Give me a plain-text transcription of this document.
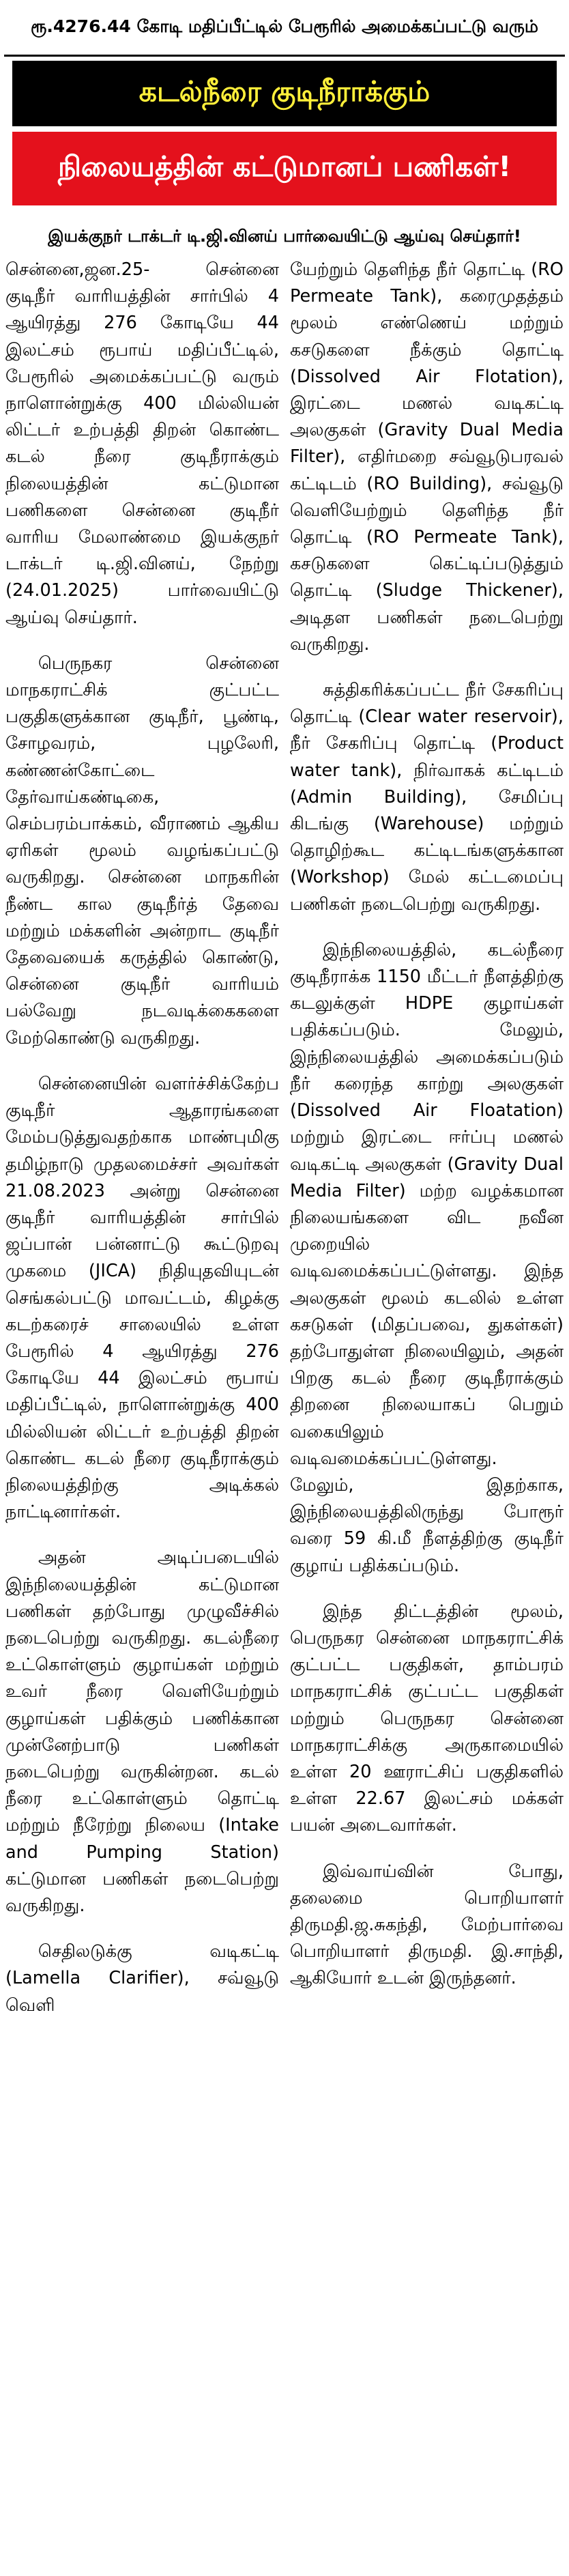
ரூ.4276.44 கோடி மதிப்பீட்டில் பேரூரில் அமைக்கப்பட்டு வரும்
கடல்நீரை குடிநீராக்கும்
நிலையத்தின் கட்டுமானப் பணிகள்!
இயக்குநர் டாக்டர் டி.ஜி.வினய் பார்வையிட்டு ஆய்வு செய்தார்!

சென்னை,ஜன.25- சென்னை குடிநீர் வாரியத்தின் சார்பில் 4 ஆயிரத்து 276 கோடியே 44 இலட்சம் ரூபாய் மதிப்பீட்டில், பேரூரில் அமைக்கப்பட்டு வரும் நாளொன்றுக்கு 400 மில்லியன் லிட்டர் உற்பத்தி திறன் கொண்ட கடல் நீரை குடிநீராக்கும் நிலையத்தின் கட்டுமான பணிகளை சென்னை குடிநீர் வாரிய மேலாண்மை இயக்குநர் டாக்டர் டி.ஜி.வினய், நேற்று (24.01.2025) பார்வையிட்டு ஆய்வு செய்தார்.

பெருநகர சென்னை மாநகராட்சிக் குட்பட்ட பகுதிகளுக்கான குடிநீர், பூண்டி, சோழவரம், புழலேரி, கண்ணன்கோட்டை தேர்வாய்கண்டிகை, செம்பரம்பாக்கம், வீராணம் ஆகிய ஏரிகள் மூலம் வழங்கப்பட்டு வருகிறது. சென்னை மாநகரின் நீண்ட கால குடிநீர்த் தேவை மற்றும் மக்களின் அன்றாட குடிநீர் தேவையைக் கருத்தில் கொண்டு, சென்னை குடிநீர் வாரியம் பல்வேறு நடவடிக்கைகளை மேற்கொண்டு வருகிறது.

சென்னையின் வளர்ச்சிக்கேற்ப குடிநீர் ஆதாரங்களை மேம்படுத்துவதற்காக மாண்புமிகு தமிழ்நாடு முதலமைச்சர் அவர்கள் 21.08.2023 அன்று சென்னை குடிநீர் வாரியத்தின் சார்பில் ஜப்பான் பன்னாட்டு கூட்டுறவு முகமை (JICA) நிதியுதவியுடன் செங்கல்பட்டு மாவட்டம், கிழக்கு கடற்கரைச் சாலையில் உள்ள பேரூரில் 4 ஆயிரத்து 276 கோடியே 44 இலட்சம் ரூபாய் மதிப்பீட்டில், நாளொன்றுக்கு 400 மில்லியன் லிட்டர் உற்பத்தி திறன் கொண்ட கடல் நீரை குடிநீராக்கும் நிலையத்திற்கு அடிக்கல் நாட்டினார்கள்.

அதன் அடிப்படையில் இந்நிலையத்தின் கட்டுமான பணிகள் தற்போது முழுவீச்சில் நடைபெற்று வருகிறது. கடல்நீரை உட்கொள்ளும் குழாய்கள் மற்றும் உவர் நீரை வெளியேற்றும் குழாய்கள் பதிக்கும் பணிக்கான முன்னேற்பாடு பணிகள் நடைபெற்று வருகின்றன. கடல் நீரை உட்கொள்ளும் தொட்டி மற்றும் நீரேற்று நிலைய (Intake and Pumping Station) கட்டுமான பணிகள் நடைபெற்று வருகிறது.

செதிலடுக்கு வடிகட்டி (Lamella Clarifier), சவ்வூடு வெளி

யேற்றும் தெளிந்த நீர் தொட்டி (RO Permeate Tank), கரைமுதத்தம் மூலம் எண்ணெய் மற்றும் கசடுகளை நீக்கும் தொட்டி (Dissolved Air Flotation), இரட்டை மணல் வடிகட்டி அலகுகள் (Gravity Dual Media Filter), எதிர்மறை சவ்வூடுபரவல் கட்டிடம் (RO Building), சவ்வூடு வெளியேற்றும் தெளிந்த நீர் தொட்டி (RO Permeate Tank), கசடுகளை கெட்டிப்படுத்தும் தொட்டி (Sludge Thickener), அடிதள பணிகள் நடைபெற்று வருகிறது.

சுத்திகரிக்கப்பட்ட நீர் சேகரிப்பு தொட்டி (Clear water reservoir), நீர் சேகரிப்பு தொட்டி (Product water tank), நிர்வாகக் கட்டிடம் (Admin Building), சேமிப்பு கிடங்கு (Warehouse) மற்றும் தொழிற்கூட கட்டிடங்களுக்கான (Workshop) மேல் கட்டமைப்பு பணிகள் நடைபெற்று வருகிறது.

இந்நிலையத்தில், கடல்நீரை குடிநீராக்க 1150 மீட்டர் நீளத்திற்கு கடலுக்குள் HDPE குழாய்கள் பதிக்கப்படும். மேலும், இந்நிலையத்தில் அமைக்கப்படும் நீர் கரைந்த காற்று அலகுகள் (Dissolved Air Floatation) மற்றும் இரட்டை ஈர்ப்பு மணல் வடிகட்டி அலகுகள் (Gravity Dual Media Filter) மற்ற வழக்கமான நிலையங்களை விட நவீன முறையில் வடிவமைக்கப்பட்டுள்ளது. இந்த அலகுகள் மூலம் கடலில் உள்ள கசடுகள் (மிதப்பவை, துகள்கள்) தற்போதுள்ள நிலையிலும், அதன் பிறகு கடல் நீரை குடிநீராக்கும் திறனை நிலையாகப் பெறும் வகையிலும் வடிவமைக்கப்பட்டுள்ளது. மேலும், இதற்காக, இந்நிலையத்திலிருந்து போரூர் வரை 59 கி.மீ நீளத்திற்கு குடிநீர் குழாய் பதிக்கப்படும்.

இந்த திட்டத்தின் மூலம், பெருநகர சென்னை மாநகராட்சிக் குட்பட்ட பகுதிகள், தாம்பரம் மாநகராட்சிக் குட்பட்ட பகுதிகள் மற்றும் பெருநகர சென்னை மாநகராட்சிக்கு அருகாமையில் உள்ள 20 ஊராட்சிப் பகுதிகளில் உள்ள 22.67 இலட்சம் மக்கள் பயன் அடைவார்கள்.

இவ்வாய்வின் போது, தலைமை பொறியாளர் திருமதி.ஜ.சுகந்தி, மேற்பார்வை பொறியாளர் திருமதி. இ.சாந்தி, ஆகியோர் உடன் இருந்தனர்.
